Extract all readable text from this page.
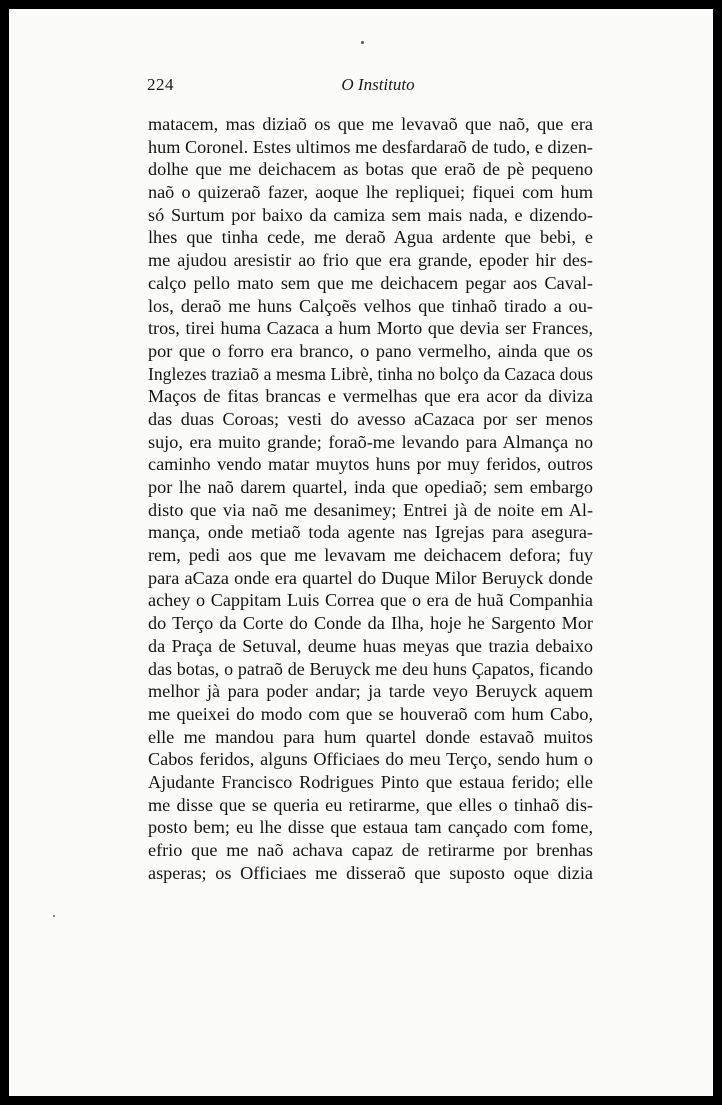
224	O Instituto
matacem, mas diziaõ os que me levavaõ que naõ, que era
hum Coronel. Estes ultimos me desfardaraõ de tudo, e dizen-
dolhe que me deichacem as botas que eraõ de pè pequeno
naõ o quizeraõ fazer, aoque lhe repliquei; fiquei com hum
só Surtum por baixo da camiza sem mais nada, e dizendo-
lhes que tinha cede, me deraõ Agua ardente que bebi, e
me ajudou aresistir ao frio que era grande, epoder hir des-
calço pello mato sem que me deichacem pegar aos Caval-
los, deraõ me huns Calçoẽs velhos que tinhaõ tirado a ou-
tros, tirei huma Cazaca a hum Morto que devia ser Frances,
por que o forro era branco, o pano vermelho, ainda que os
Inglezes traziaõ a mesma Librè, tinha no bolço da Cazaca dous
Maços de fitas brancas e vermelhas que era acor da diviza
das duas Coroas; vesti do avesso aCazaca por ser menos
sujo, era muito grande; foraõ-me levando para Almança no
caminho vendo matar muytos huns por muy feridos, outros
por lhe naõ darem quartel, inda que opediaõ; sem embargo
disto que via naõ me desanimey; Entrei jà de noite em Al-
mança, onde metiaõ toda agente nas Igrejas para asegura-
rem, pedi aos que me levavam me deichacem defora; fuy
para aCaza onde era quartel do Duque Milor Beruyck donde
achey o Cappitam Luis Correa que o era de huã Companhia
do Terço da Corte do Conde da Ilha, hoje he Sargento Mor
da Praça de Setuval, deume huas meyas que trazia debaixo
das botas, o patraõ de Beruyck me deu huns Çapatos, ficando
melhor jà para poder andar; ja tarde veyo Beruyck aquem
me queixei do modo com que se houveraõ com hum Cabo,
elle me mandou para hum quartel donde estavaõ muitos
Cabos feridos, alguns Officiaes do meu Terço, sendo hum o
Ajudante Francisco Rodrigues Pinto que estaua ferido; elle
me disse que se queria eu retirarme, que elles o tinhaõ dis-
posto bem; eu lhe disse que estaua tam cançado com fome,
efrio que me naõ achava capaz de retirarme por brenhas
asperas; os Officiaes me disseraõ que suposto oque dizia
